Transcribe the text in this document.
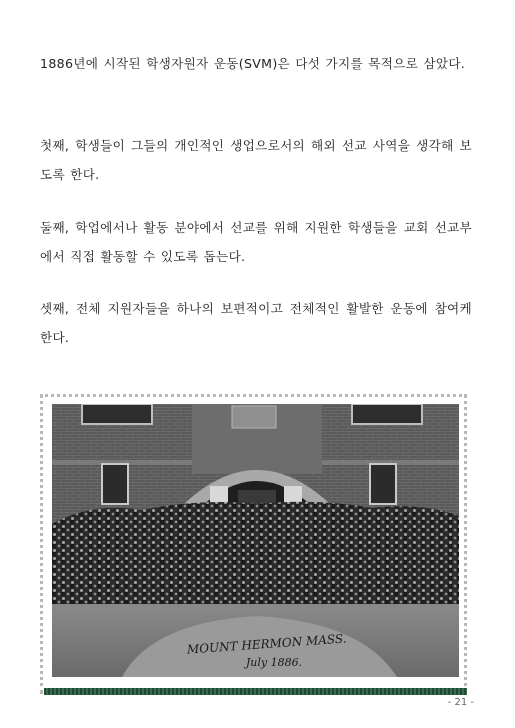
1886년에 시작된 학생자원자 운동(SVM)은 다섯 가지를 목적으로 삼았다.

첫째, 학생들이 그들의 개인적인 생업으로서의 해외 선교 사역을 생각해 보도록 한다.

둘째, 학업에서나 활동 분야에서 선교를 위해 지원한 학생들을 교회 선교부에서 직접 활동할 수 있도록 돕는다.

셋째, 전체 지원자들을 하나의 보편적이고 전체적인 활발한 운동에 참여케 한다.

MOUNT HERMON MASS.
July 1886.
- 21 -
